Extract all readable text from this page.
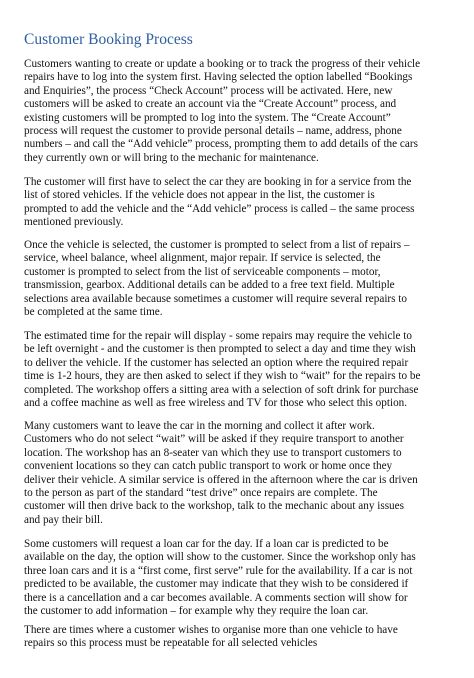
Customer Booking Process

Customers wanting to create or update a booking or to track the progress of their vehicle
repairs have to log into the system first. Having selected the option labelled “Bookings
and Enquiries”, the process “Check Account” process will be activated. Here, new
customers will be asked to create an account via the “Create Account” process, and
existing customers will be prompted to log into the system. The “Create Account”
process will request the customer to provide personal details – name, address, phone
numbers – and call the “Add vehicle” process, prompting them to add details of the cars
they currently own or will bring to the mechanic for maintenance.

The customer will first have to select the car they are booking in for a service from the
list of stored vehicles. If the vehicle does not appear in the list, the customer is
prompted to add the vehicle and the “Add vehicle” process is called – the same process
mentioned previously.

Once the vehicle is selected, the customer is prompted to select from a list of repairs –
service, wheel balance, wheel alignment, major repair. If service is selected, the
customer is prompted to select from the list of serviceable components – motor,
transmission, gearbox. Additional details can be added to a free text field. Multiple
selections area available because sometimes a customer will require several repairs to
be completed at the same time.

The estimated time for the repair will display - some repairs may require the vehicle to
be left overnight - and the customer is then prompted to select a day and time they wish
to deliver the vehicle. If the customer has selected an option where the required repair
time is 1-2 hours, they are then asked to select if they wish to “wait” for the repairs to be
completed. The workshop offers a sitting area with a selection of soft drink for purchase
and a coffee machine as well as free wireless and TV for those who select this option.

Many customers want to leave the car in the morning and collect it after work.
Customers who do not select “wait” will be asked if they require transport to another
location. The workshop has an 8-seater van which they use to transport customers to
convenient locations so they can catch public transport to work or home once they
deliver their vehicle. A similar service is offered in the afternoon where the car is driven
to the person as part of the standard “test drive” once repairs are complete. The
customer will then drive back to the workshop, talk to the mechanic about any issues
and pay their bill.

Some customers will request a loan car for the day. If a loan car is predicted to be
available on the day, the option will show to the customer. Since the workshop only has
three loan cars and it is a “first come, first serve” rule for the availability. If a car is not
predicted to be available, the customer may indicate that they wish to be considered if
there is a cancellation and a car becomes available. A comments section will show for
the customer to add information – for example why they require the loan car.

There are times where a customer wishes to organise more than one vehicle to have
repairs so this process must be repeatable for all selected vehicles
